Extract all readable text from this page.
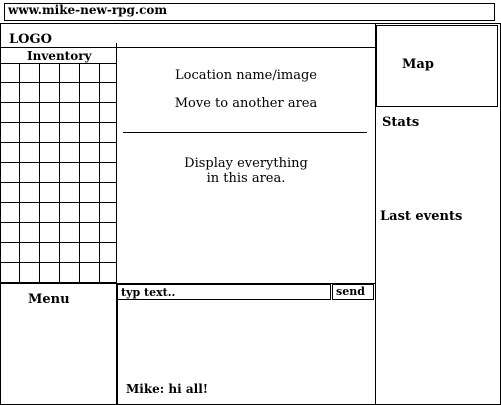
www.mike-new-rpg.com
LOGO
Inventory
Location name/image
Move to another area
Display everything
in this area.
Map
Stats
Last events
Menu
typ text..
send
Mike: hi all!
